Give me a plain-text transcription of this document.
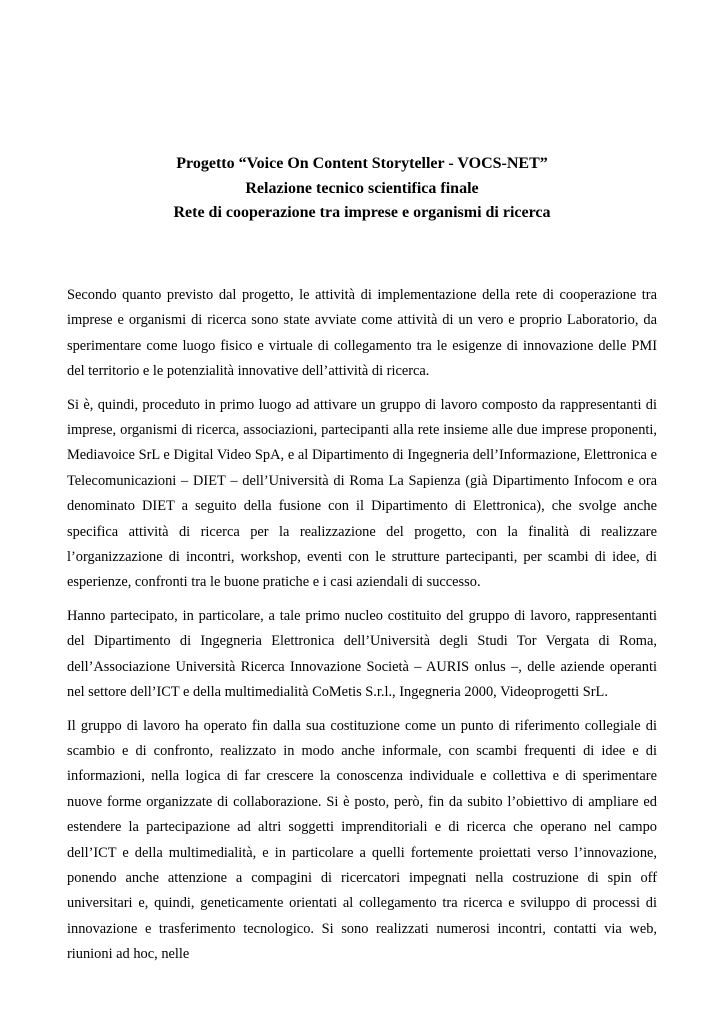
Progetto “Voice On Content Storyteller - VOCS-NET”
Relazione tecnico scientifica finale
Rete di cooperazione tra imprese e organismi di ricerca

Secondo quanto previsto dal progetto, le attività di implementazione della rete di cooperazione tra imprese e organismi di ricerca sono state avviate come attività di un vero e proprio Laboratorio, da sperimentare come luogo fisico e virtuale di collegamento tra le esigenze di innovazione delle PMI del territorio e le potenzialità innovative dell’attività di ricerca.

Si è, quindi, proceduto in primo luogo ad attivare un gruppo di lavoro composto da rappresentanti di imprese, organismi di ricerca, associazioni, partecipanti alla rete insieme alle due imprese proponenti, Mediavoice SrL e Digital Video SpA, e al Dipartimento di Ingegneria dell’Informazione, Elettronica e Telecomunicazioni – DIET – dell’Università di Roma La Sapienza (già Dipartimento Infocom e ora denominato DIET a seguito della fusione con il Dipartimento di Elettronica), che svolge anche specifica attività di ricerca per la realizzazione del progetto, con la finalità di realizzare l’organizzazione di incontri, workshop, eventi con le strutture partecipanti, per scambi di idee, di esperienze, confronti tra le buone pratiche e i casi aziendali di successo.

Hanno partecipato, in particolare, a tale primo nucleo costituito del gruppo di lavoro, rappresentanti del Dipartimento di Ingegneria Elettronica dell’Università degli Studi Tor Vergata di Roma, dell’Associazione Università Ricerca Innovazione Società – AURIS onlus –, delle aziende operanti nel settore dell’ICT e della multimedialità CoMetis S.r.l., Ingegneria 2000, Videoprogetti SrL.

Il gruppo di lavoro ha operato fin dalla sua costituzione come un punto di riferimento collegiale di scambio e di confronto, realizzato in modo anche informale, con scambi frequenti di idee e di informazioni, nella logica di far crescere la conoscenza individuale e collettiva e di sperimentare nuove forme organizzate di collaborazione. Si è posto, però, fin da subito l’obiettivo di ampliare ed estendere la partecipazione ad altri soggetti imprenditoriali e di ricerca che operano nel campo dell’ICT e della multimedialità, e in particolare a quelli fortemente proiettati verso l’innovazione, ponendo anche attenzione a compagini di ricercatori impegnati nella costruzione di spin off universitari e, quindi, geneticamente orientati al collegamento tra ricerca e sviluppo di processi di innovazione e trasferimento tecnologico. Si sono realizzati numerosi incontri, contatti via web, riunioni ad hoc, nelle
